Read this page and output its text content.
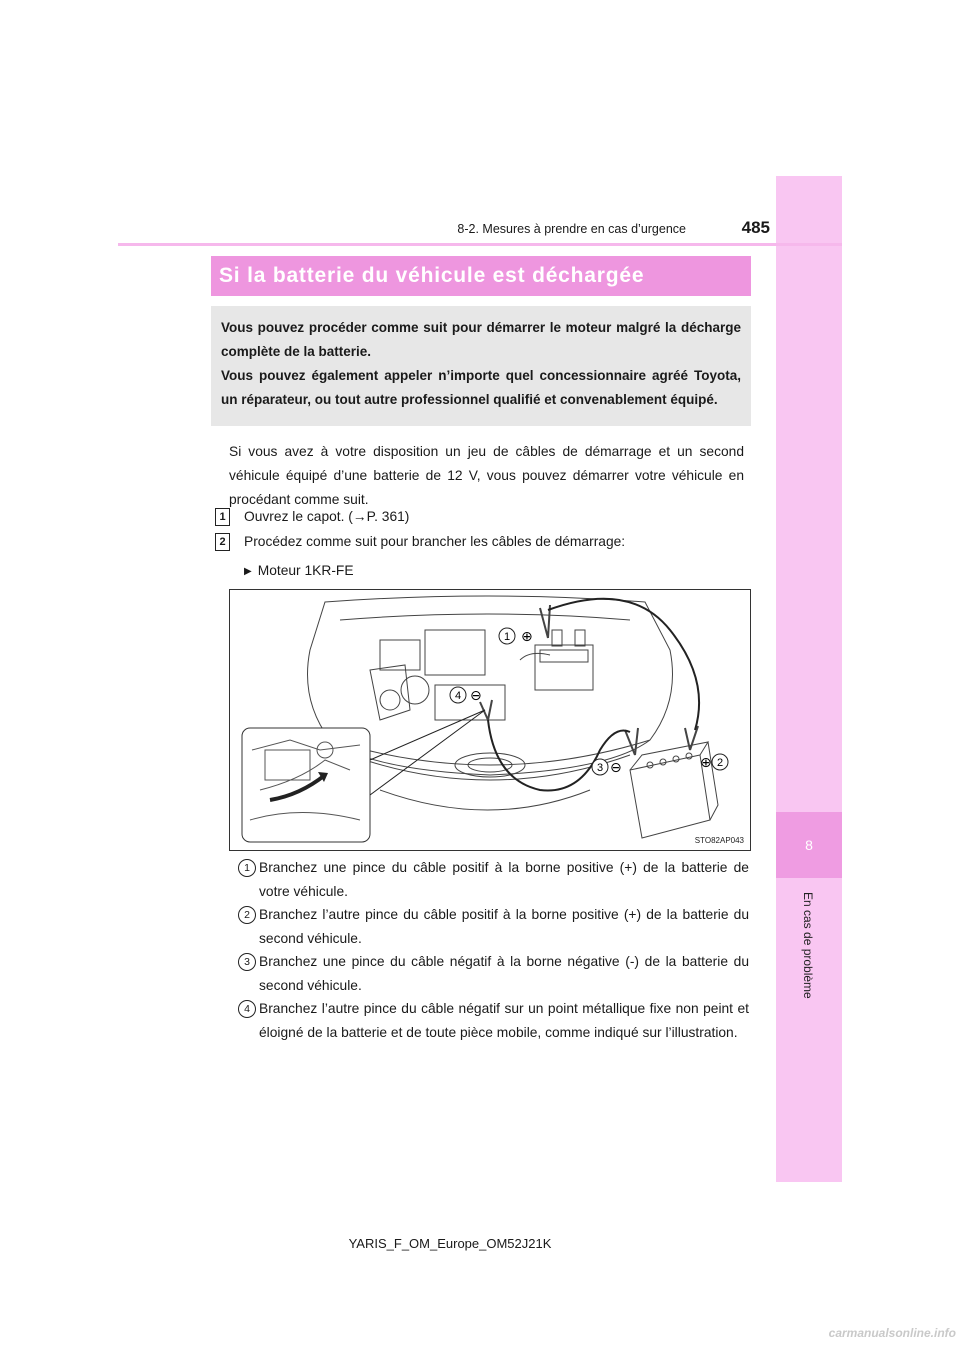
8
En cas de problème
8-2. Mesures à prendre en cas d’urgence	485
Si la batterie du véhicule est déchargée

Vous pouvez procéder comme suit pour démarrer le moteur malgré la décharge complète de la batterie.

Vous pouvez également appeler n’importe quel concessionnaire agréé Toyota, un réparateur, ou tout autre professionnel qualifié et convenablement équipé.

Si vous avez à votre disposition un jeu de câbles de démarrage et un second véhicule équipé d’une batterie de 12 V, vous pouvez démarrer votre véhicule en procédant comme suit.
1	Ouvrez le capot. (→P. 361)
2	Procédez comme suit pour brancher les câbles de démarrage:
▶ Moteur 1KR-FE
1 ⊕
4 ⊖
2
⊕
3 ⊖
STO82AP043
1 Branchez une pince du câble positif à la borne positive (+) de la batterie de votre véhicule.
2 Branchez l’autre pince du câble positif à la borne positive (+) de la batterie du second véhicule.
3 Branchez une pince du câble négatif à la borne négative (-) de la batterie du second véhicule.
4 Branchez l’autre pince du câble négatif sur un point métallique fixe non peint et éloigné de la batterie et de toute pièce mobile, comme indiqué sur l’illustration.
YARIS_F_OM_Europe_OM52J21K
carmanualsonline.info
